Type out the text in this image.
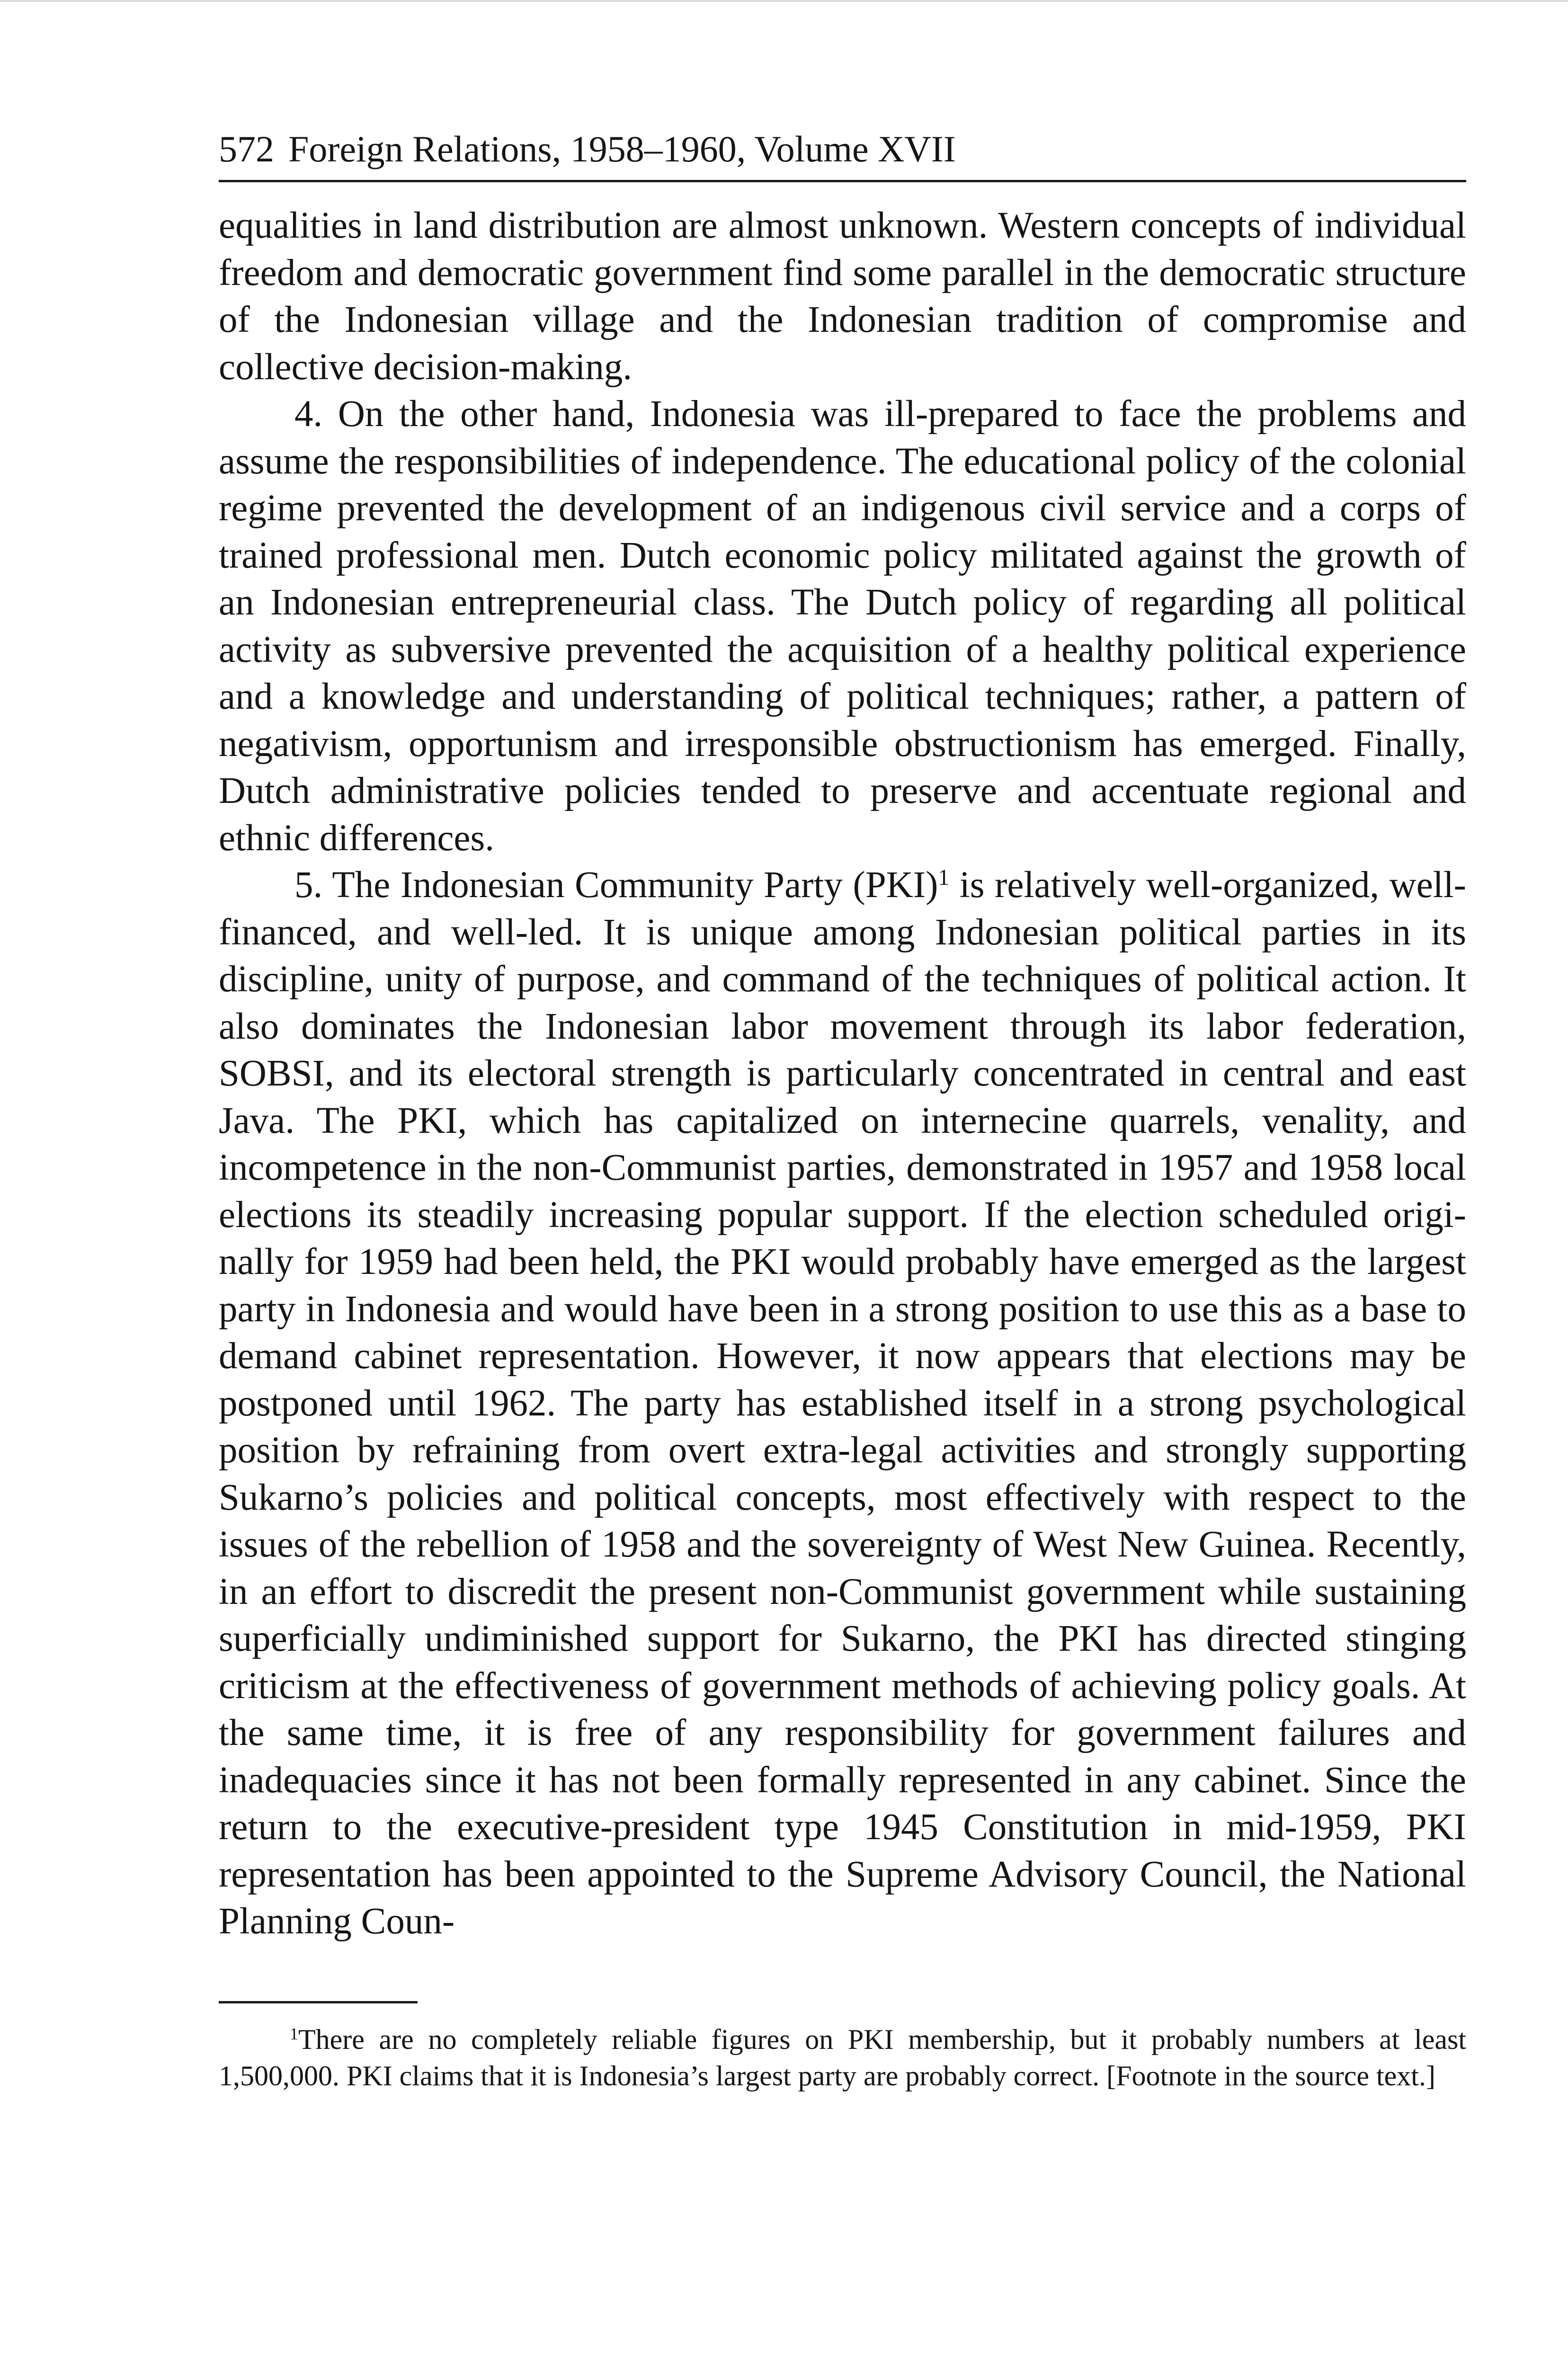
572 Foreign Relations, 1958–1960, Volume XVII

equalities in land distribution are almost unknown. Western concepts of individual freedom and democratic government find some parallel in the democratic structure of the Indonesian village and the Indonesian tradition of compromise and collective decision-making.

4. On the other hand, Indonesia was ill-prepared to face the problems and assume the responsibilities of independence. The educational policy of the colonial regime prevented the development of an indigenous civil service and a corps of trained professional men. Dutch economic policy militated against the growth of an Indonesian entrepreneurial class. The Dutch policy of regarding all political activity as subversive prevented the acquisition of a healthy political experience and a knowledge and understanding of political techniques; rather, a pattern of negativism, opportunism and irresponsible obstructionism has emerged. Finally, Dutch administrative policies tended to preserve and accentuate regional and ethnic differences.

5. The Indonesian Community Party (PKI)$^1$ is relatively well-organized, well-financed, and well-led. It is unique among Indonesian political parties in its discipline, unity of purpose, and command of the techniques of political action. It also dominates the Indonesian labor movement through its labor federation, SOBSI, and its electoral strength is particularly concentrated in central and east Java. The PKI, which has capitalized on internecine quarrels, venality, and incompetence in the non-Communist parties, demonstrated in 1957 and 1958 local elections its steadily increasing popular support. If the election scheduled originally for 1959 had been held, the PKI would probably have emerged as the largest party in Indonesia and would have been in a strong position to use this as a base to demand cabinet representation. However, it now appears that elections may be postponed until 1962. The party has established itself in a strong psychological position by refraining from overt extra-legal activities and strongly supporting Sukarno’s policies and political concepts, most effectively with respect to the issues of the rebellion of 1958 and the sovereignty of West New Guinea. Recently, in an effort to discredit the present non-Communist government while sustaining superficially undiminished support for Sukarno, the PKI has directed stinging criticism at the effectiveness of government methods of achieving policy goals. At the same time, it is free of any responsibility for government failures and inadequacies since it has not been formally represented in any cabinet. Since the return to the executive-president type 1945 Constitution in mid-1959, PKI representation has been appointed to the Supreme Advisory Council, the National Planning Coun-

$^1$There are no completely reliable figures on PKI membership, but it probably numbers at least 1,500,000. PKI claims that it is Indonesia’s largest party are probably correct. [Footnote in the source text.]
